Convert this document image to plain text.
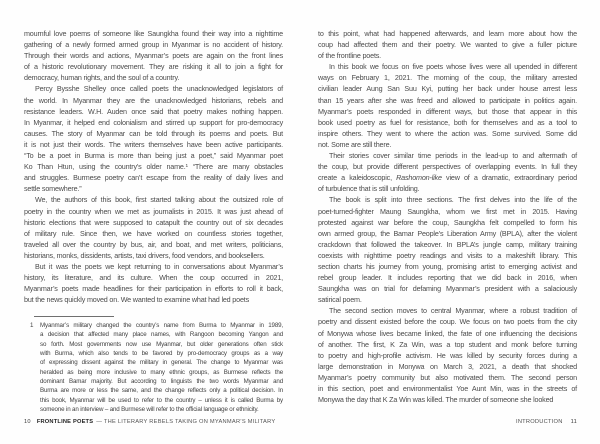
mournful love poems of someone like Saungkha found their way into a nighttime
gathering of a newly formed armed group in Myanmar is no accident of history.
Through their words and actions, Myanmar’s poets are again on the front lines
of a historic revolutionary movement. They are risking it all to join a fight for
democracy, human rights, and the soul of a country.
Percy Bysshe Shelley once called poets the unacknowledged legislators of
the world. In Myanmar they are the unacknowledged historians, rebels and
resistance leaders. W.H. Auden once said that poetry makes nothing happen.
In Myanmar, it helped end colonialism and stirred up support for pro-democracy
causes. The story of Myanmar can be told through its poems and poets. But
it is not just their words. The writers themselves have been active participants.
“To be a poet in Burma is more than being just a poet,” said Myanmar poet
Ko Than Htun, using the country’s older name.¹ “There are many obstacles
and struggles. Burmese poetry can’t escape from the reality of daily lives and
settle somewhere.”
We, the authors of this book, first started talking about the outsized role of
poetry in the country when we met as journalists in 2015. It was just ahead of
historic elections that were supposed to catapult the country out of six decades
of military rule. Since then, we have worked on countless stories together,
traveled all over the country by bus, air, and boat, and met writers, politicians,
historians, monks, dissidents, artists, taxi drivers, food vendors, and booksellers.
But it was the poets we kept returning to in conversations about Myanmar’s
history, its literature, and its culture. When the coup occurred in 2021,
Myanmar’s poets made headlines for their participation in efforts to roll it back,
but the news quickly moved on. We wanted to examine what had led poets
1	Myanmar’s military changed the country’s name from Burma to Myanmar in 1989,
a decision that affected many place names, with Rangoon becoming Yangon and
so forth. Most governments now use Myanmar, but older generations often stick
with Burma, which also tends to be favored by pro-democracy groups as a way
of expressing dissent against the military in general. The change to Myanmar was
heralded as being more inclusive to many ethnic groups, as Burmese reflects the
dominant Bamar majority. But according to linguists the two words Myanmar and
Burma are more or less the same, and the change reflects only a political decision. In
this book, Myanmar will be used to refer to the country – unless it is called Burma by
someone in an interview – and Burmese will refer to the official language or ethnicity.
10 FRONTLINE POETS — THE LITERARY REBELS TAKING ON MYANMAR’S MILITARY
to this point, what had happened afterwards, and learn more about how the
coup had affected them and their poetry. We wanted to give a fuller picture
of the frontline poets.
In this book we focus on five poets whose lives were all upended in different
ways on February 1, 2021. The morning of the coup, the military arrested
civilian leader Aung San Suu Kyi, putting her back under house arrest less
than 15 years after she was freed and allowed to participate in politics again.
Myanmar’s poets responded in different ways, but those that appear in this
book used poetry as fuel for resistance, both for themselves and as a tool to
inspire others. They went to where the action was. Some survived. Some did
not. Some are still there.
Their stories cover similar time periods in the lead-up to and aftermath of
the coup, but provide different perspectives of overlapping events. In full they
create a kaleidoscopic, Rashomon-like view of a dramatic, extraordinary period
of turbulence that is still unfolding.
The book is split into three sections. The first delves into the life of the
poet-turned-fighter Maung Saungkha, whom we first met in 2015. Having
protested against war before the coup, Saungkha felt compelled to form his
own armed group, the Bamar People’s Liberation Army (BPLA), after the violent
crackdown that followed the takeover. In BPLA’s jungle camp, military training
coexists with nighttime poetry readings and visits to a makeshift library. This
section charts his journey from young, promising artist to emerging activist and
rebel group leader. It includes reporting that we did back in 2016, when
Saungkha was on trial for defaming Myanmar’s president with a salaciously
satirical poem.
The second section moves to central Myanmar, where a robust tradition of
poetry and dissent existed before the coup. We focus on two poets from the city
of Monywa whose lives became linked, the fate of one influencing the decisions
of another. The first, K Za Win, was a top student and monk before turning
to poetry and high-profile activism. He was killed by security forces during a
large demonstration in Monywa on March 3, 2021, a death that shocked
Myanmar’s poetry community but also motivated them. The second person
in this section, poet and environmentalist Yoe Aunt Min, was in the streets of
Monywa the day that K Za Win was killed. The murder of someone she looked
INTRODUCTION 11
